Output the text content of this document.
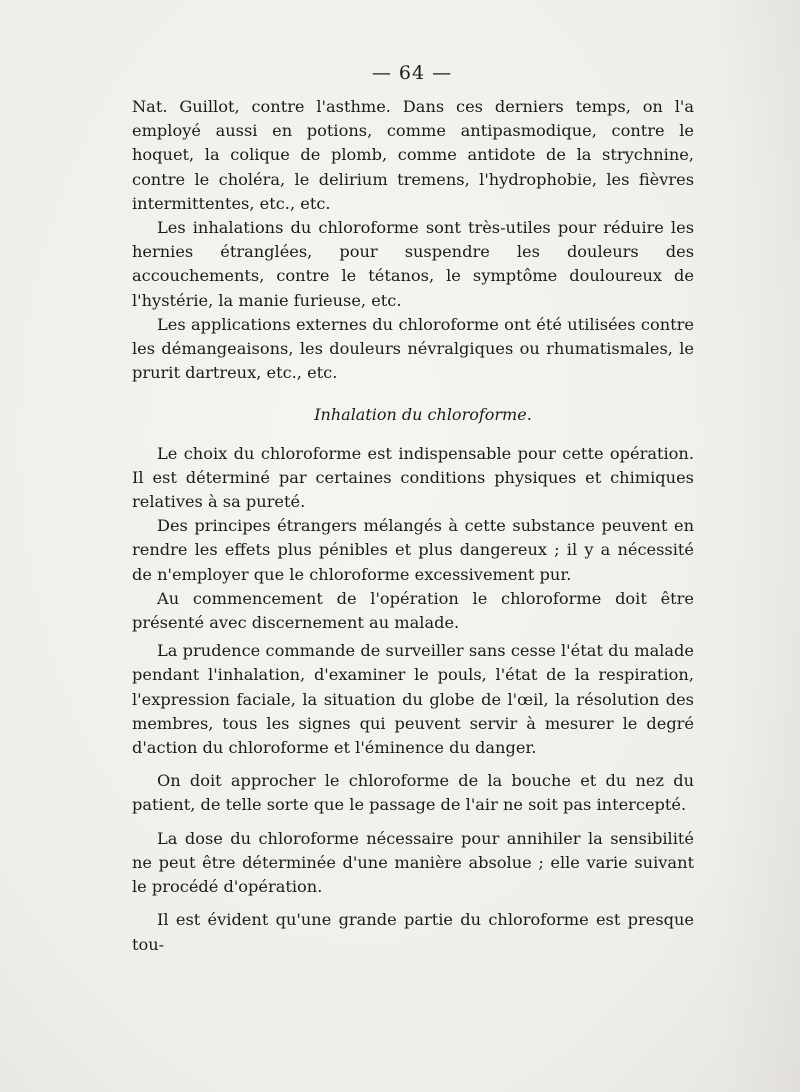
— 64 —

Nat. Guillot, contre l'asthme. Dans ces derniers temps, on l'a employé aussi en potions, comme antipasmodique, contre le hoquet, la colique de plomb, comme antidote de la strychnine, contre le choléra, le delirium tremens, l'hydrophobie, les fièvres intermittentes, etc., etc.

Les inhalations du chloroforme sont très-utiles pour réduire les hernies étranglées, pour suspendre les douleurs des accouchements, contre le tétanos, le symptôme douloureux de l'hystérie, la manie furieuse, etc.

Les applications externes du chloroforme ont été utilisées contre les démangeaisons, les douleurs névralgiques ou rhumatismales, le prurit dartreux, etc., etc.

Inhalation du chloroforme.

Le choix du chloroforme est indispensable pour cette opération. Il est déterminé par certaines conditions physiques et chimiques relatives à sa pureté.

Des principes étrangers mélangés à cette substance peuvent en rendre les effets plus pénibles et plus dangereux ; il y a nécessité de n'employer que le chloroforme excessivement pur.

Au commencement de l'opération le chloroforme doit être présenté avec discernement au malade.

La prudence commande de surveiller sans cesse l'état du malade pendant l'inhalation, d'examiner le pouls, l'état de la respiration, l'expression faciale, la situation du globe de l'œil, la résolution des membres, tous les signes qui peuvent servir à mesurer le degré d'action du chloroforme et l'éminence du danger.

On doit approcher le chloroforme de la bouche et du nez du patient, de telle sorte que le passage de l'air ne soit pas intercepté.

La dose du chloroforme nécessaire pour annihiler la sensibilité ne peut être déterminée d'une manière absolue ; elle varie suivant le procédé d'opération.

Il est évident qu'une grande partie du chloroforme est presque tou-
